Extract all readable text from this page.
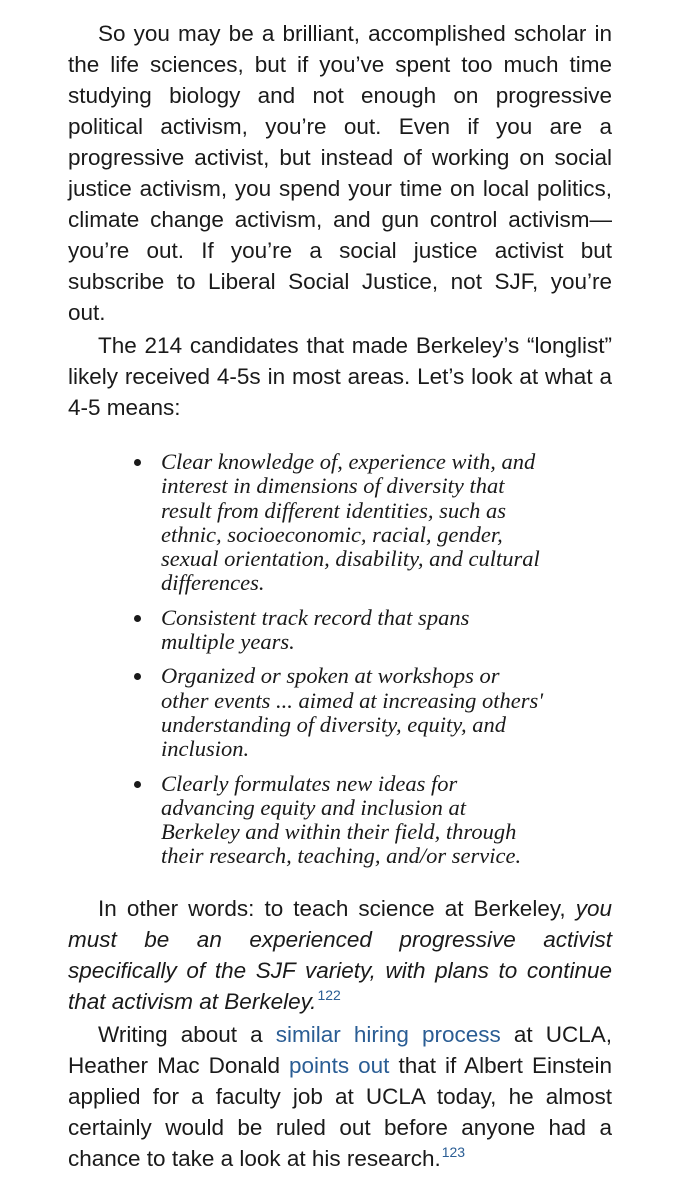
So you may be a brilliant, accomplished scholar in the life sciences, but if you’ve spent too much time studying biology and not enough on progressive political activism, you’re out. Even if you are a progressive activist, but instead of working on social justice activism, you spend your time on local politics, climate change activism, and gun control activism—you’re out. If you’re a social justice activist but subscribe to Liberal Social Justice, not SJF, you’re out.

The 214 candidates that made Berkeley’s “longlist” likely received 4-5s in most areas. Let’s look at what a 4-5 means:

Clear knowledge of, experience with, and interest in dimensions of diversity that result from different identities, such as ethnic, socioeconomic, racial, gender, sexual orientation, disability, and cultural differences.
Consistent track record that spans multiple years.
Organized or spoken at workshops or other events ... aimed at increasing others' understanding of diversity, equity, and inclusion.
Clearly formulates new ideas for advancing equity and inclusion at Berkeley and within their field, through their research, teaching, and/or service.

In other words: to teach science at Berkeley, you must be an experienced progressive activist specifically of the SJF variety, with plans to continue that activism at Berkeley.$^{122}$

Writing about a similar hiring process at UCLA, Heather Mac Donald points out that if Albert Einstein applied for a faculty job at UCLA today, he almost certainly would be ruled out before anyone had a chance to take a look at his research.$^{123}$
